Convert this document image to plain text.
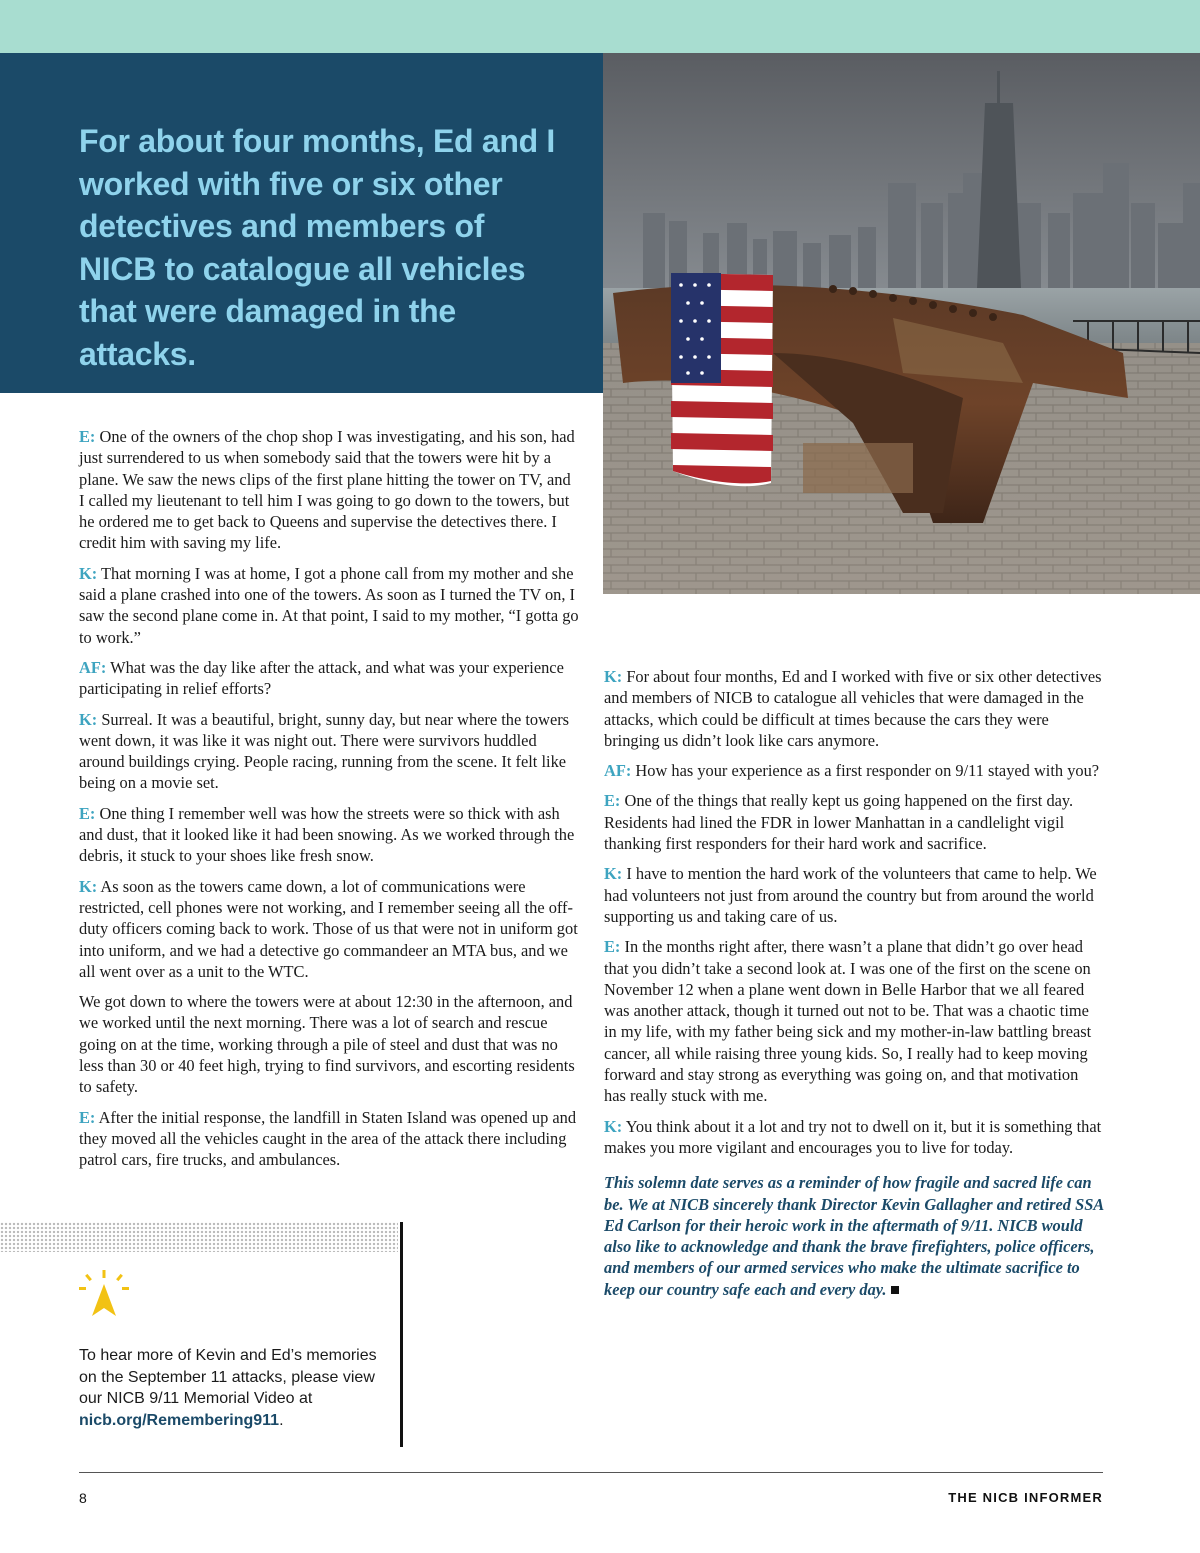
For about four months, Ed and I worked with five or six other detectives and members of NICB to catalogue all vehicles that were damaged in the attacks.

E: One of the owners of the chop shop I was investigating, and his son, had just surrendered to us when somebody said that the towers were hit by a plane. We saw the news clips of the first plane hitting the tower on TV, and I called my lieutenant to tell him I was going to go down to the towers, but he ordered me to get back to Queens and supervise the detectives there. I credit him with saving my life.

K: That morning I was at home, I got a phone call from my mother and she said a plane crashed into one of the towers. As soon as I turned the TV on, I saw the second plane come in. At that point, I said to my mother, “I gotta go to work.”

AF: What was the day like after the attack, and what was your experience participating in relief efforts?

K: Surreal. It was a beautiful, bright, sunny day, but near where the towers went down, it was like it was night out. There were survivors huddled around buildings crying. People racing, running from the scene. It felt like being on a movie set.

E: One thing I remember well was how the streets were so thick with ash and dust, that it looked like it had been snowing. As we worked through the debris, it stuck to your shoes like fresh snow.

K: As soon as the towers came down, a lot of communications were restricted, cell phones were not working, and I remember seeing all the off-duty officers coming back to work. Those of us that were not in uniform got into uniform, and we had a detective go commandeer an MTA bus, and we all went over as a unit to the WTC.

We got down to where the towers were at about 12:30 in the afternoon, and we worked until the next morning. There was a lot of search and rescue going on at the time, working through a pile of steel and dust that was no less than 30 or 40 feet high, trying to find survivors, and escorting residents to safety.

E: After the initial response, the landfill in Staten Island was opened up and they moved all the vehicles caught in the area of the attack there including patrol cars, fire trucks, and ambulances.

K: For about four months, Ed and I worked with five or six other detectives and members of NICB to catalogue all vehicles that were damaged in the attacks, which could be difficult at times because the cars they were bringing us didn’t look like cars anymore.

AF: How has your experience as a first responder on 9/11 stayed with you?

E: One of the things that really kept us going happened on the first day. Residents had lined the FDR in lower Manhattan in a candlelight vigil thanking first responders for their hard work and sacrifice.

K: I have to mention the hard work of the volunteers that came to help. We had volunteers not just from around the country but from around the world supporting us and taking care of us.

E: In the months right after, there wasn’t a plane that didn’t go over head that you didn’t take a second look at. I was one of the first on the scene on November 12 when a plane went down in Belle Harbor that we all feared was another attack, though it turned out not to be. That was a chaotic time in my life, with my father being sick and my mother-in-law battling breast cancer, all while raising three young kids. So, I really had to keep moving forward and stay strong as everything was going on, and that motivation has really stuck with me.

K: You think about it a lot and try not to dwell on it, but it is something that makes you more vigilant and encourages you to live for today.

This solemn date serves as a reminder of how fragile and sacred life can be. We at NICB sincerely thank Director Kevin Gallagher and retired SSA Ed Carlson for their heroic work in the aftermath of 9/11. NICB would also like to acknowledge and thank the brave firefighters, police officers, and members of our armed services who make the ultimate sacrifice to keep our country safe each and every day.

To hear more of Kevin and Ed’s memories on the September 11 attacks, please view our NICB 9/11 Memorial Video at nicb.org/Remembering911.

8	THE NICB INFORMER
